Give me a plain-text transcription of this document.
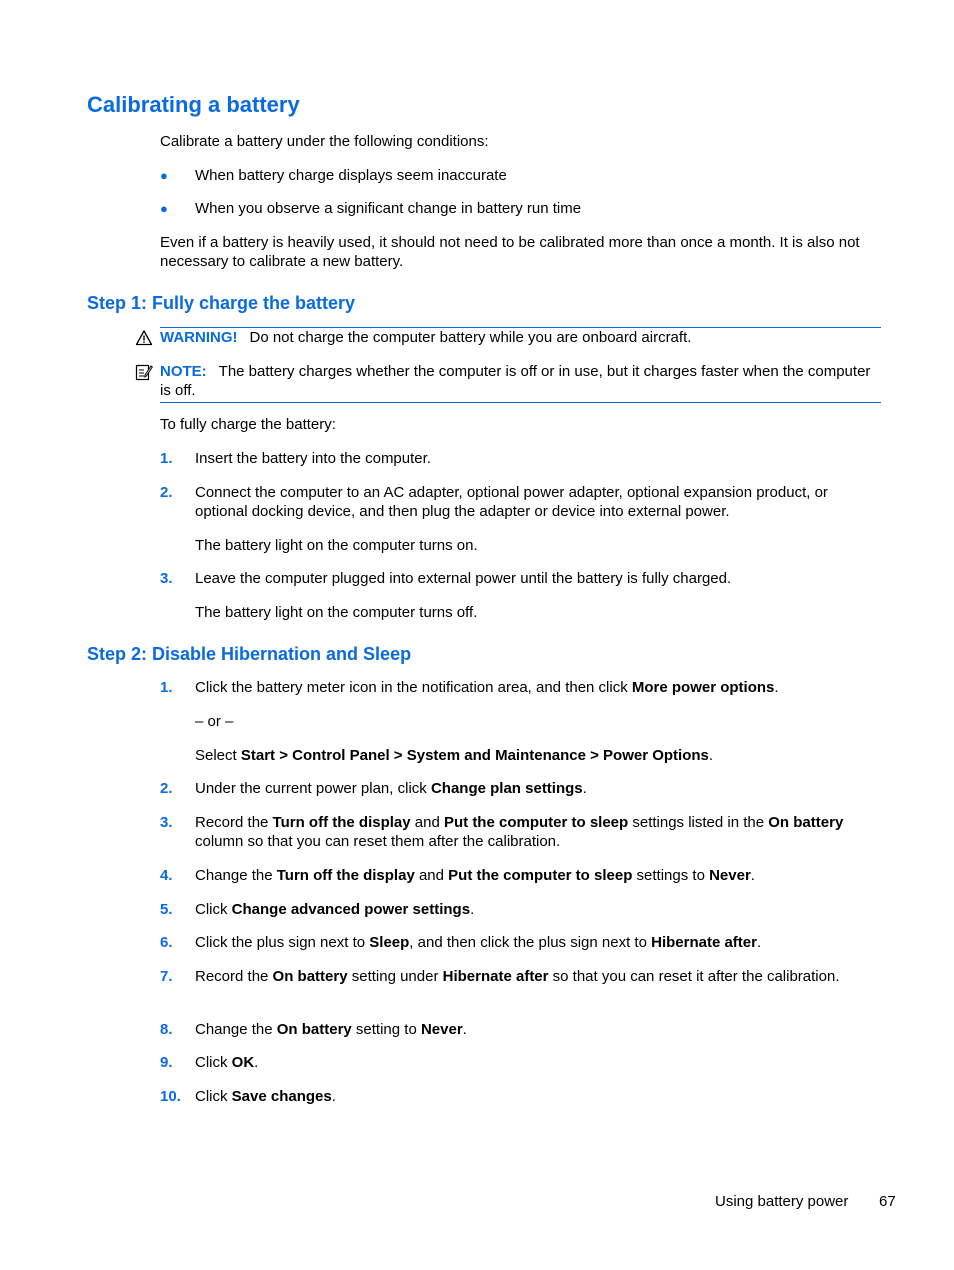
Calibrating a battery

Calibrate a battery under the following conditions:

● When battery charge displays seem inaccurate
● When you observe a significant change in battery run time

Even if a battery is heavily used, it should not need to be calibrated more than once a month. It is also not necessary to calibrate a new battery.

Step 1: Fully charge the battery
WARNING! Do not charge the computer battery while you are onboard aircraft.
NOTE: The battery charges whether the computer is off or in use, but it charges faster when the computer is off.

To fully charge the battery:

1. Insert the battery into the computer.
2. Connect the computer to an AC adapter, optional power adapter, optional expansion product, or optional docking device, and then plug the adapter or device into external power.

The battery light on the computer turns on.

3. Leave the computer plugged into external power until the battery is fully charged.

The battery light on the computer turns off.

Step 2: Disable Hibernation and Sleep
1. Click the battery meter icon in the notification area, and then click More power options.

– or –

Select Start > Control Panel > System and Maintenance > Power Options.

2. Under the current power plan, click Change plan settings.
3. Record the Turn off the display and Put the computer to sleep settings listed in the On battery column so that you can reset them after the calibration.
4. Change the Turn off the display and Put the computer to sleep settings to Never.
5. Click Change advanced power settings.
6. Click the plus sign next to Sleep, and then click the plus sign next to Hibernate after.
7. Record the On battery setting under Hibernate after so that you can reset it after the calibration.
8. Change the On battery setting to Never.
9. Click OK.
10. Click Save changes.
Using battery power 67
